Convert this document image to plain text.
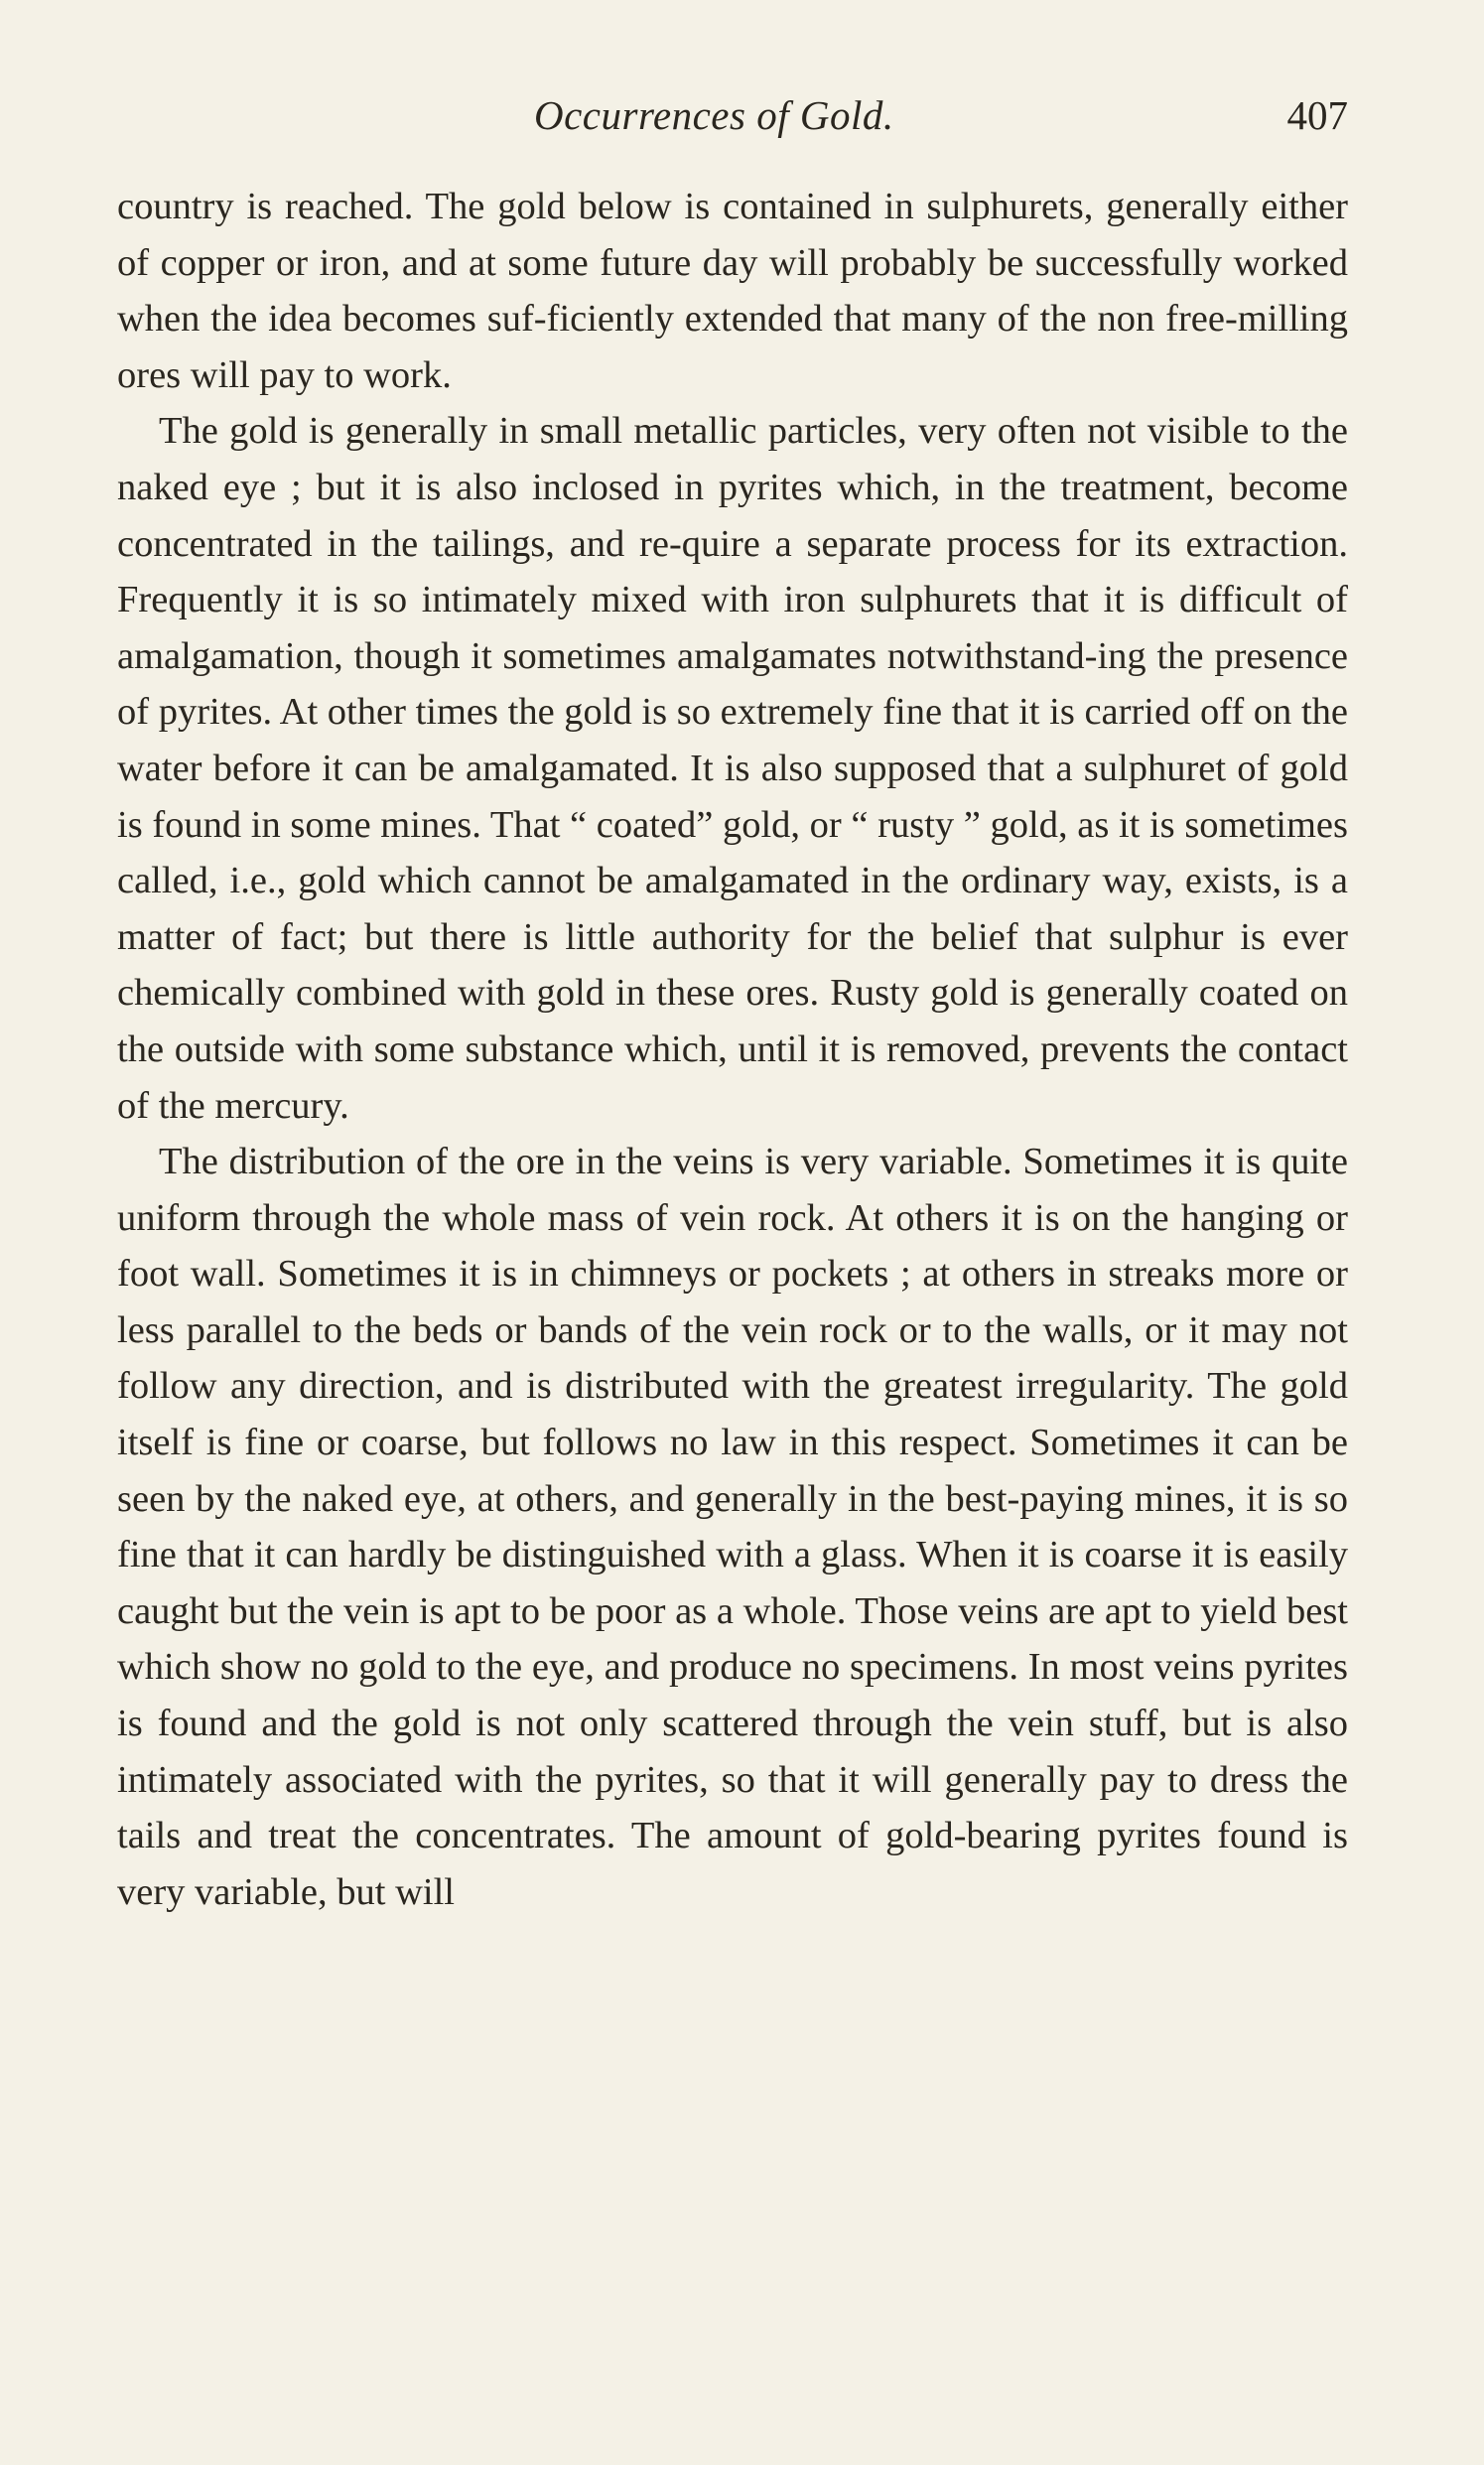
Occurrences of Gold.	407

country is reached. The gold below is contained in sulphurets, generally either of copper or iron, and at some future day will probably be successfully worked when the idea becomes suf-ficiently extended that many of the non free-milling ores will pay to work.

The gold is generally in small metallic particles, very often not visible to the naked eye ; but it is also inclosed in pyrites which, in the treatment, become concentrated in the tailings, and re-quire a separate process for its extraction. Frequently it is so intimately mixed with iron sulphurets that it is difficult of amalgamation, though it sometimes amalgamates notwithstand-ing the presence of pyrites. At other times the gold is so extremely fine that it is carried off on the water before it can be amalgamated. It is also supposed that a sulphuret of gold is found in some mines. That “ coated” gold, or “ rusty ” gold, as it is sometimes called, i.e., gold which cannot be amalgamated in the ordinary way, exists, is a matter of fact; but there is little authority for the belief that sulphur is ever chemically combined with gold in these ores. Rusty gold is generally coated on the outside with some substance which, until it is removed, prevents the contact of the mercury.

The distribution of the ore in the veins is very variable. Sometimes it is quite uniform through the whole mass of vein rock. At others it is on the hanging or foot wall. Sometimes it is in chimneys or pockets ; at others in streaks more or less parallel to the beds or bands of the vein rock or to the walls, or it may not follow any direction, and is distributed with the greatest irregularity. The gold itself is fine or coarse, but follows no law in this respect. Sometimes it can be seen by the naked eye, at others, and generally in the best-paying mines, it is so fine that it can hardly be distinguished with a glass. When it is coarse it is easily caught but the vein is apt to be poor as a whole. Those veins are apt to yield best which show no gold to the eye, and produce no specimens. In most veins pyrites is found and the gold is not only scattered through the vein stuff, but is also intimately associated with the pyrites, so that it will generally pay to dress the tails and treat the concentrates. The amount of gold-bearing pyrites found is very variable, but will
